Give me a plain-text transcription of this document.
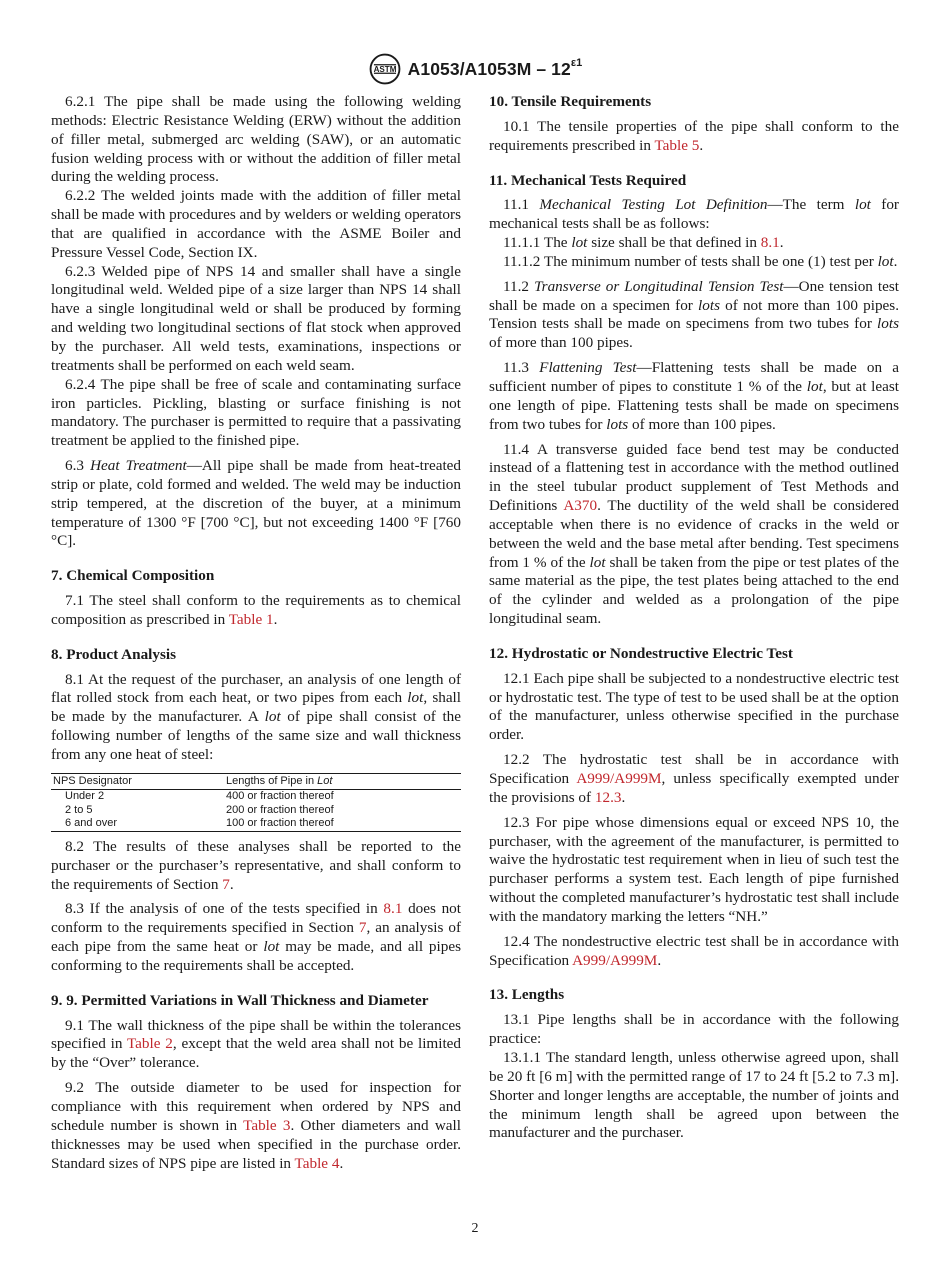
ASTM $A1053/A1053M - 12^{\varepsilon 1}$

6.2.1 The pipe shall be made using the following welding methods: Electric Resistance Welding (ERW) without the addition of filler metal, submerged arc welding (SAW), or an automatic fusion welding process with or without the addition of filler metal during the welding process.

6.2.2 The welded joints made with the addition of filler metal shall be made with procedures and by welders or welding operators that are qualified in accordance with the ASME Boiler and Pressure Vessel Code, Section IX.

6.2.3 Welded pipe of NPS 14 and smaller shall have a single longitudinal weld. Welded pipe of a size larger than NPS 14 shall have a single longitudinal weld or shall be produced by forming and welding two longitudinal sections of flat stock when approved by the purchaser. All weld tests, examinations, inspections or treatments shall be performed on each weld seam.

6.2.4 The pipe shall be free of scale and contaminating surface iron particles. Pickling, blasting or surface finishing is not mandatory. The purchaser is permitted to require that a passivating treatment be applied to the finished pipe.

6.3 Heat Treatment—All pipe shall be made from heat-treated strip or plate, cold formed and welded. The weld may be induction strip tempered, at the discretion of the buyer, at a minimum temperature of 1300 °F [700 °C], but not exceeding 1400 °F [760 °C].

7. Chemical Composition

7.1 The steel shall conform to the requirements as to chemical composition as prescribed in Table 1.

8. Product Analysis

8.1 At the request of the purchaser, an analysis of one length of flat rolled stock from each heat, or two pipes from each lot, shall be made by the manufacturer. A lot of pipe shall consist of the following number of lengths of the same size and wall thickness from any one heat of steel:

NPS Designator	Lengths of Pipe in Lot
Under 2	400 or fraction thereof
2 to 5	200 or fraction thereof
6 and over	100 or fraction thereof

8.2 The results of these analyses shall be reported to the purchaser or the purchaser’s representative, and shall conform to the requirements of Section 7.

8.3 If the analysis of one of the tests specified in 8.1 does not conform to the requirements specified in Section 7, an analysis of each pipe from the same heat or lot may be made, and all pipes conforming to the requirements shall be accepted.

9. 9. Permitted Variations in Wall Thickness and Diameter

9.1 The wall thickness of the pipe shall be within the tolerances specified in Table 2, except that the weld area shall not be limited by the “Over” tolerance.

9.2 The outside diameter to be used for inspection for compliance with this requirement when ordered by NPS and schedule number is shown in Table 3. Other diameters and wall thicknesses may be used when specified in the purchase order. Standard sizes of NPS pipe are listed in Table 4.

10. Tensile Requirements

10.1 The tensile properties of the pipe shall conform to the requirements prescribed in Table 5.

11. Mechanical Tests Required

11.1 Mechanical Testing Lot Definition—The term lot for mechanical tests shall be as follows:

11.1.1 The lot size shall be that defined in 8.1.

11.1.2 The minimum number of tests shall be one (1) test per lot.

11.2 Transverse or Longitudinal Tension Test—One tension test shall be made on a specimen for lots of not more than 100 pipes. Tension tests shall be made on specimens from two tubes for lots of more than 100 pipes.

11.3 Flattening Test—Flattening tests shall be made on a sufficient number of pipes to constitute 1 % of the lot, but at least one length of pipe. Flattening tests shall be made on specimens from two tubes for lots of more than 100 pipes.

11.4 A transverse guided face bend test may be conducted instead of a flattening test in accordance with the method outlined in the steel tubular product supplement of Test Methods and Definitions A370. The ductility of the weld shall be considered acceptable when there is no evidence of cracks in the weld or between the weld and the base metal after bending. Test specimens from 1 % of the lot shall be taken from the pipe or test plates of the same material as the pipe, the test plates being attached to the end of the cylinder and welded as a prolongation of the pipe longitudinal seam.

12. Hydrostatic or Nondestructive Electric Test

12.1 Each pipe shall be subjected to a nondestructive electric test or hydrostatic test. The type of test to be used shall be at the option of the manufacturer, unless otherwise specified in the purchase order.

12.2 The hydrostatic test shall be in accordance with Specification A999/A999M, unless specifically exempted under the provisions of 12.3.

12.3 For pipe whose dimensions equal or exceed NPS 10, the purchaser, with the agreement of the manufacturer, is permitted to waive the hydrostatic test requirement when in lieu of such test the purchaser performs a system test. Each length of pipe furnished without the completed manufacturer’s hydrostatic test shall include with the mandatory marking the letters “NH.”

12.4 The nondestructive electric test shall be in accordance with Specification A999/A999M.

13. Lengths

13.1 Pipe lengths shall be in accordance with the following practice:

13.1.1 The standard length, unless otherwise agreed upon, shall be 20 ft [6 m] with the permitted range of 17 to 24 ft [5.2 to 7.3 m]. Shorter and longer lengths are acceptable, the number of joints and the minimum length shall be agreed upon between the manufacturer and the purchaser.

2
